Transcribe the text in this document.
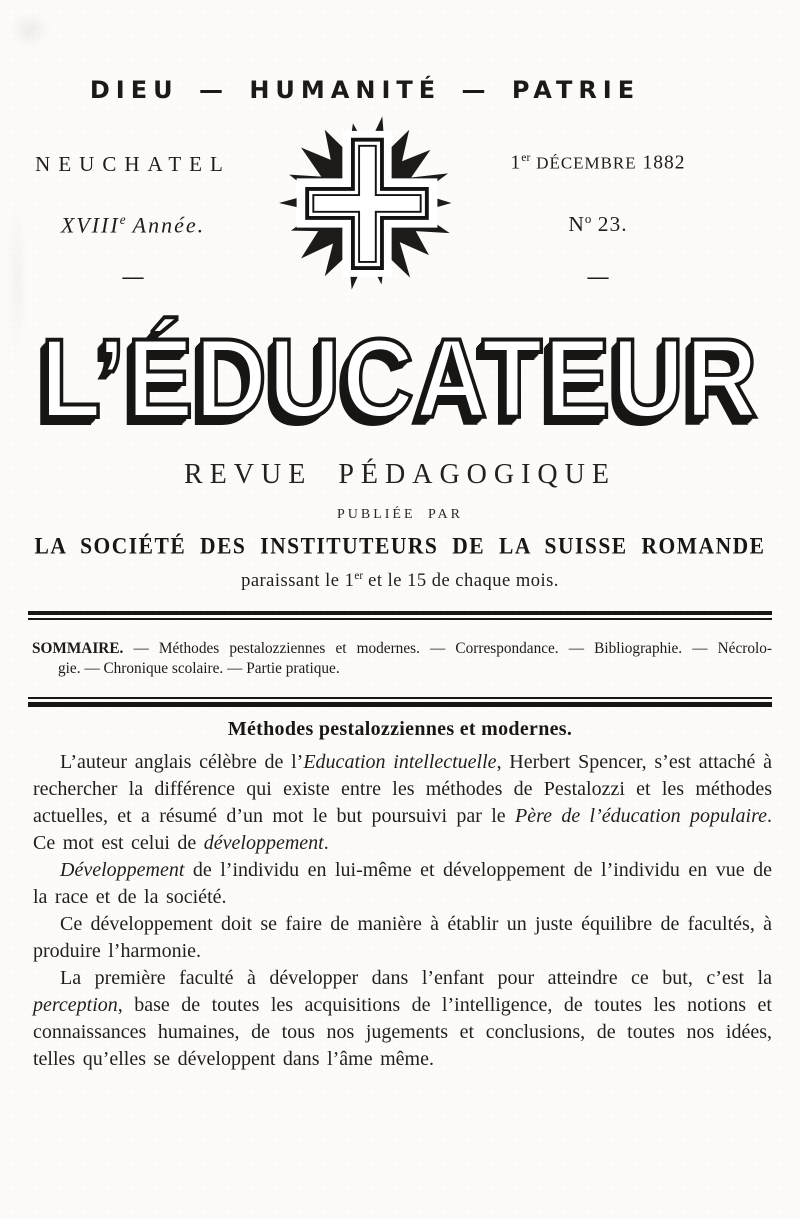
DIEU — HUMANITÉ — PATRIE
NEUCHATEL
XVIIIe Année.
—
1er DÉCEMBRE 1882
$N^o$ 23.
—
L’ÉDUCATEUR
REVUE PÉDAGOGIQUE
PUBLIÉE PAR
LA SOCIÉTÉ DES INSTITUTEURS DE LA SUISSE ROMANDE
paraissant le 1er et le 15 de chaque mois.
SOMMAIRE. — Méthodes pestalozziennes et modernes. — Correspondance. — Bibliographie. — Nécrolo-
gie. — Chronique scolaire. — Partie pratique.
Méthodes pestalozziennes et modernes.

L’auteur anglais célèbre de l’Education intellectuelle, Herbert Spencer, s’est attaché à rechercher la différence qui existe entre les méthodes de Pestalozzi et les méthodes actuelles, et a résumé d’un mot le but poursuivi par le Père de l’éducation populaire. Ce mot est celui de développement.

Développement de l’individu en lui-même et développement de l’individu en vue de la race et de la société.

Ce développement doit se faire de manière à établir un juste équilibre de facultés, à produire l’harmonie.

La première faculté à développer dans l’enfant pour atteindre ce but, c’est la perception, base de toutes les acquisitions de l’intelligence, de toutes les notions et connaissances humaines, de tous nos jugements et conclusions, de toutes nos idées, telles qu’elles se développent dans l’âme même.
